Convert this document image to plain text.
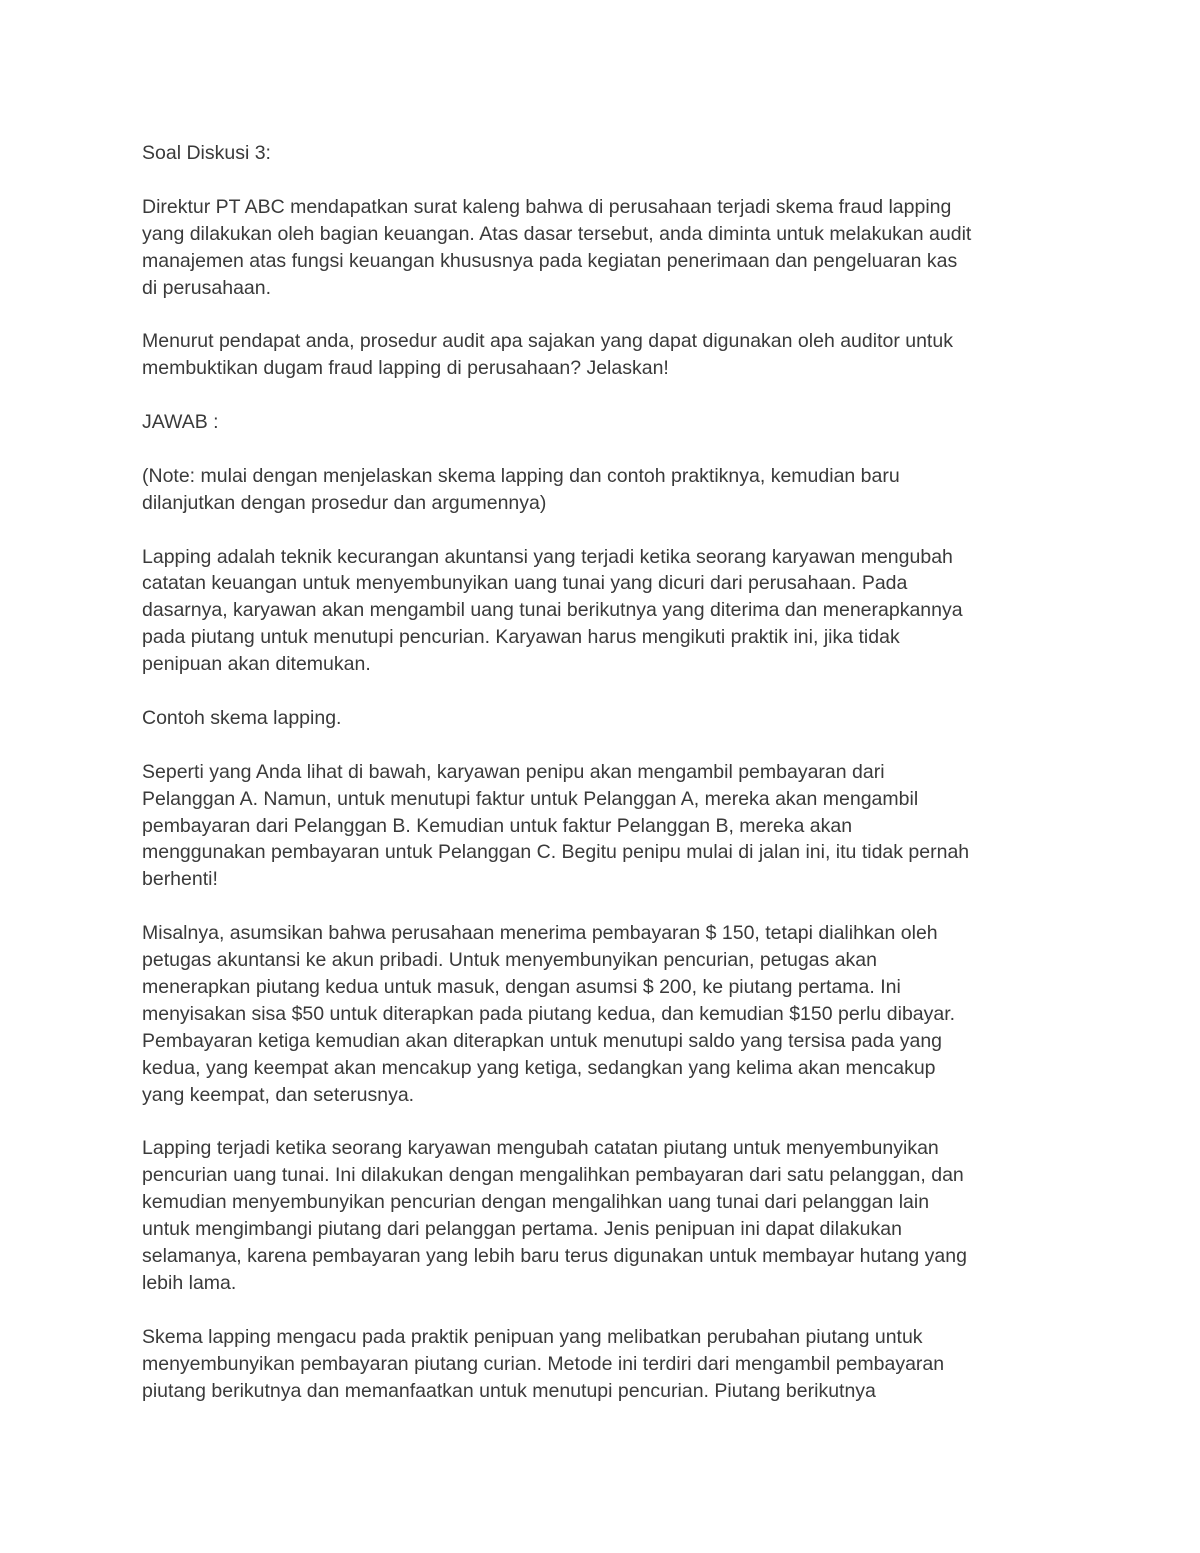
Soal Diskusi 3:

Direktur PT ABC mendapatkan surat kaleng bahwa di perusahaan terjadi skema fraud lapping
yang dilakukan oleh bagian keuangan. Atas dasar tersebut, anda diminta untuk melakukan audit
manajemen atas fungsi keuangan khususnya pada kegiatan penerimaan dan pengeluaran kas
di perusahaan.

Menurut pendapat anda, prosedur audit apa sajakan yang dapat digunakan oleh auditor untuk
membuktikan dugam fraud lapping di perusahaan? Jelaskan!

JAWAB :

(Note: mulai dengan menjelaskan skema lapping dan contoh praktiknya, kemudian baru
dilanjutkan dengan prosedur dan argumennya)

Lapping adalah teknik kecurangan akuntansi yang terjadi ketika seorang karyawan mengubah
catatan keuangan untuk menyembunyikan uang tunai yang dicuri dari perusahaan. Pada
dasarnya, karyawan akan mengambil uang tunai berikutnya yang diterima dan menerapkannya
pada piutang untuk menutupi pencurian. Karyawan harus mengikuti praktik ini, jika tidak
penipuan akan ditemukan.

Contoh skema lapping.

Seperti yang Anda lihat di bawah, karyawan penipu akan mengambil pembayaran dari
Pelanggan A. Namun, untuk menutupi faktur untuk Pelanggan A, mereka akan mengambil
pembayaran dari Pelanggan B. Kemudian untuk faktur Pelanggan B, mereka akan
menggunakan pembayaran untuk Pelanggan C. Begitu penipu mulai di jalan ini, itu tidak pernah
berhenti!

Misalnya, asumsikan bahwa perusahaan menerima pembayaran $ 150, tetapi dialihkan oleh
petugas akuntansi ke akun pribadi. Untuk menyembunyikan pencurian, petugas akan
menerapkan piutang kedua untuk masuk, dengan asumsi $ 200, ke piutang pertama. Ini
menyisakan sisa $50 untuk diterapkan pada piutang kedua, dan kemudian $150 perlu dibayar.
Pembayaran ketiga kemudian akan diterapkan untuk menutupi saldo yang tersisa pada yang
kedua, yang keempat akan mencakup yang ketiga, sedangkan yang kelima akan mencakup
yang keempat, dan seterusnya.

Lapping terjadi ketika seorang karyawan mengubah catatan piutang untuk menyembunyikan
pencurian uang tunai. Ini dilakukan dengan mengalihkan pembayaran dari satu pelanggan, dan
kemudian menyembunyikan pencurian dengan mengalihkan uang tunai dari pelanggan lain
untuk mengimbangi piutang dari pelanggan pertama. Jenis penipuan ini dapat dilakukan
selamanya, karena pembayaran yang lebih baru terus digunakan untuk membayar hutang yang
lebih lama.

Skema lapping mengacu pada praktik penipuan yang melibatkan perubahan piutang untuk
menyembunyikan pembayaran piutang curian. Metode ini terdiri dari mengambil pembayaran
piutang berikutnya dan memanfaatkan untuk menutupi pencurian. Piutang berikutnya
